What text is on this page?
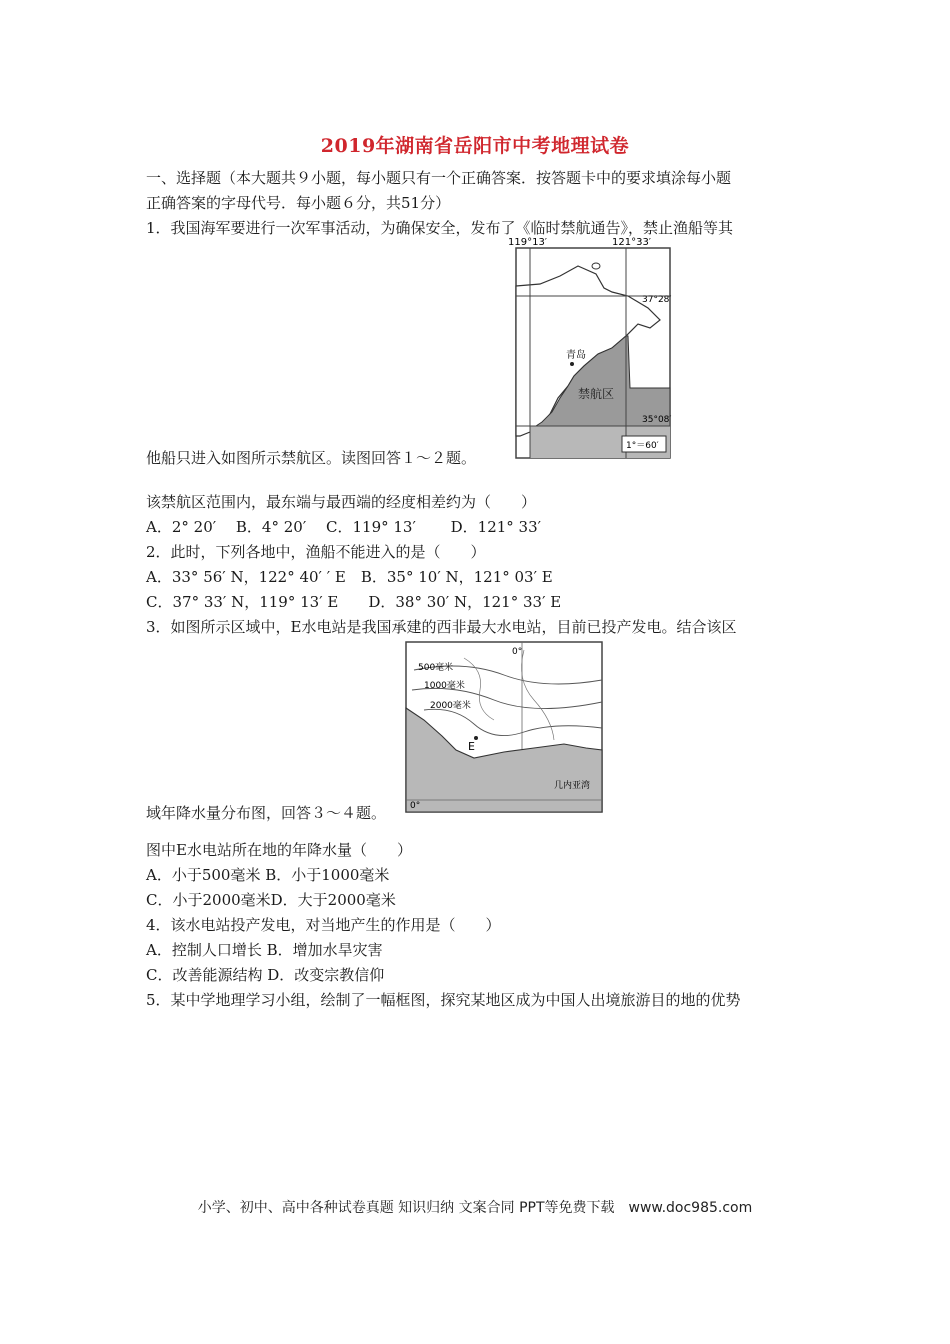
2019年湖南省岳阳市中考地理试卷
一、选择题（本大题共９小题，每小题只有一个正确答案．按答题卡中的要求填涂每小题
正确答案的字母代号．每小题６分，共51分）
1．我国海军要进行一次军事活动，为确保安全，发布了《临时禁航通告》，禁止渔船等其
119°13′	121°33′
37°28′
35°08′
青岛
禁航区
1°＝60′
他船只进入如图所示禁航区。读图回答１～２题。
该禁航区范围内，最东端与最西端的经度相差约为（　　）
A．2° 20′　 B．4° 20′　 C．119° 13′　　 D．121° 33′
2．此时，下列各地中，渔船不能进入的是（　　）
A．33° 56′ N，122° 40′ ′ E　B．35° 10′ N，121° 03′ E
C．37° 33′ N，119° 13′ E　　D．38° 30′ N，121° 33′ E
3．如图所示区域中，E水电站是我国承建的西非最大水电站，目前已投产发电。结合该区
500毫米
1000毫米
2000毫米
E
几内亚湾
0°
0°
域年降水量分布图，回答３～４题。
图中E水电站所在地的年降水量（　　）
A．小于500毫米 B．小于1000毫米
C．小于2000毫米D．大于2000毫米
4．该水电站投产发电，对当地产生的作用是（　　）
A．控制人口增长 B．增加水旱灾害
C．改善能源结构 D．改变宗教信仰
5．某中学地理学习小组，绘制了一幅框图，探究某地区成为中国人出境旅游目的地的优势
小学、初中、高中各种试卷真题 知识归纳 文案合同 PPT等免费下载　www.doc985.com
